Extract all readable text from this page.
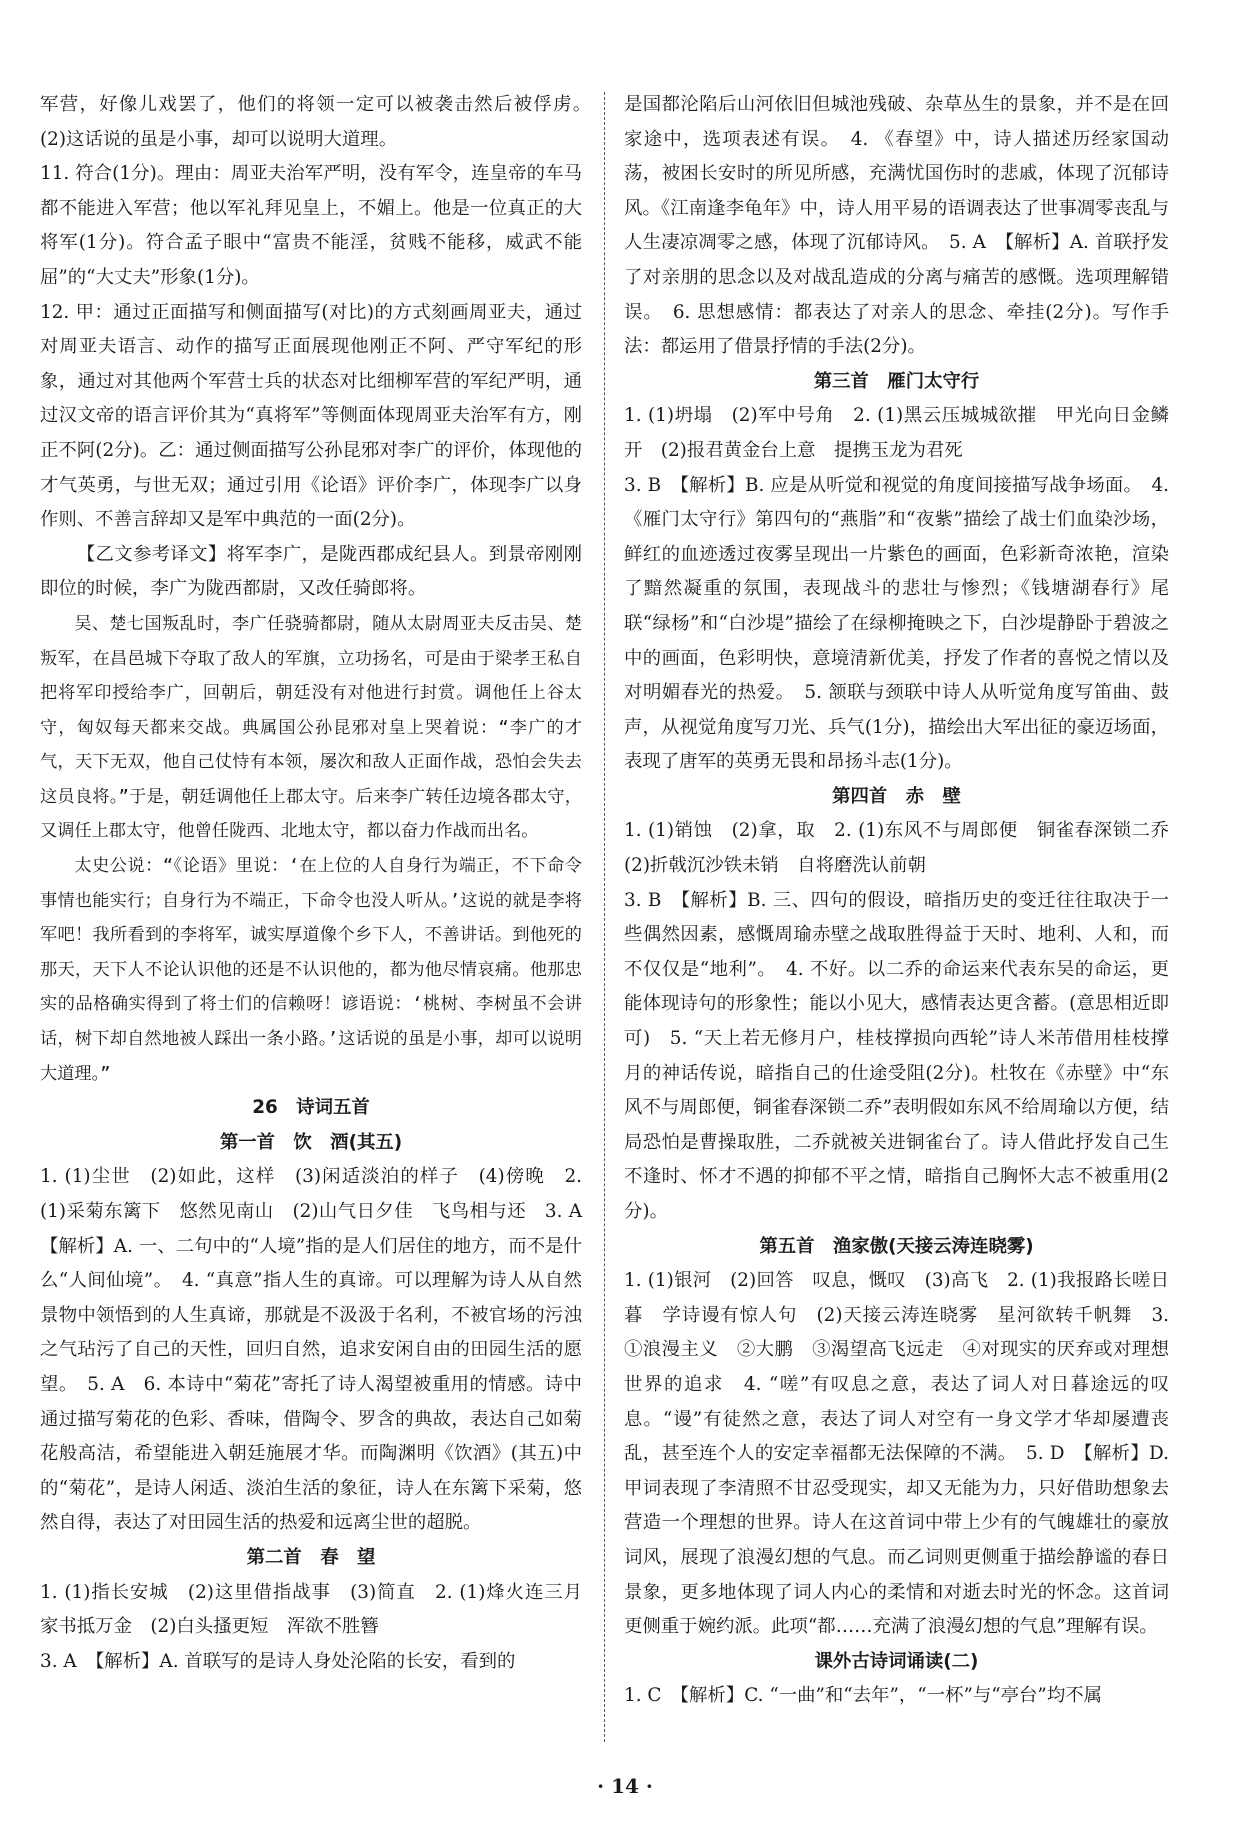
军营，好像儿戏罢了，他们的将领一定可以被袭击然后被俘虏。　(2)这话说的虽是小事，却可以说明大道理。

11. 符合(1分)。理由：周亚夫治军严明，没有军令，连皇帝的车马都不能进入军营；他以军礼拜见皇上，不媚上。他是一位真正的大将军(1分)。符合孟子眼中“富贵不能淫，贫贱不能移，威武不能屈”的“大丈夫”形象(1分)。

12. 甲：通过正面描写和侧面描写(对比)的方式刻画周亚夫，通过对周亚夫语言、动作的描写正面展现他刚正不阿、严守军纪的形象，通过对其他两个军营士兵的状态对比细柳军营的军纪严明，通过汉文帝的语言评价其为“真将军”等侧面体现周亚夫治军有方，刚正不阿(2分)。乙：通过侧面描写公孙昆邪对李广的评价，体现他的才气英勇，与世无双；通过引用《论语》评价李广，体现李广以身作则、不善言辞却又是军中典范的一面(2分)。

【乙文参考译文】将军李广，是陇西郡成纪县人。到景帝刚刚即位的时候，李广为陇西都尉，又改任骑郎将。

吴、楚七国叛乱时，李广任骁骑都尉，随从太尉周亚夫反击吴、楚叛军，在昌邑城下夺取了敌人的军旗，立功扬名，可是由于梁孝王私自把将军印授给李广，回朝后，朝廷没有对他进行封赏。调他任上谷太守，匈奴每天都来交战。典属国公孙昆邪对皇上哭着说：“李广的才气，天下无双，他自己仗恃有本领，屡次和敌人正面作战，恐怕会失去这员良将。”于是，朝廷调他任上郡太守。后来李广转任边境各郡太守，又调任上郡太守，他曾任陇西、北地太守，都以奋力作战而出名。

太史公说：“《论语》里说：‘在上位的人自身行为端正，不下命令事情也能实行；自身行为不端正，下命令也没人听从。’这说的就是李将军吧！我所看到的李将军，诚实厚道像个乡下人，不善讲话。到他死的那天，天下人不论认识他的还是不认识他的，都为他尽情哀痛。他那忠实的品格确实得到了将士们的信赖呀！谚语说：‘桃树、李树虽不会讲话，树下却自然地被人踩出一条小路。’这话说的虽是小事，却可以说明大道理。”

26　诗词五首

第一首　饮　酒(其五)

1. (1)尘世　(2)如此，这样　(3)闲适淡泊的样子　(4)傍晚　2. (1)采菊东篱下　悠然见南山　(2)山气日夕佳　飞鸟相与还　3. A　【解析】A. 一、二句中的“人境”指的是人们居住的地方，而不是什么“人间仙境”。　4. “真意”指人生的真谛。可以理解为诗人从自然景物中领悟到的人生真谛，那就是不汲汲于名利，不被官场的污浊之气玷污了自己的天性，回归自然，追求安闲自由的田园生活的愿望。　5. A　6. 本诗中“菊花”寄托了诗人渴望被重用的情感。诗中通过描写菊花的色彩、香味，借陶令、罗含的典故，表达自己如菊花般高洁，希望能进入朝廷施展才华。而陶渊明《饮酒》(其五)中的“菊花”，是诗人闲适、淡泊生活的象征，诗人在东篱下采菊，悠然自得，表达了对田园生活的热爱和远离尘世的超脱。

第二首　春　望

1. (1)指长安城　(2)这里借指战事　(3)简直　2. (1)烽火连三月　家书抵万金　(2)白头搔更短　浑欲不胜簪

3. A　【解析】A. 首联写的是诗人身处沦陷的长安，看到的

是国都沦陷后山河依旧但城池残破、杂草丛生的景象，并不是在回家途中，选项表述有误。　4. 《春望》中，诗人描述历经家国动荡，被困长安时的所见所感，充满忧国伤时的悲戚，体现了沉郁诗风。《江南逢李龟年》中，诗人用平易的语调表达了世事凋零丧乱与人生凄凉凋零之感，体现了沉郁诗风。　5. A　【解析】A. 首联抒发了对亲朋的思念以及对战乱造成的分离与痛苦的感慨。选项理解错误。　6. 思想感情：都表达了对亲人的思念、牵挂(2分)。写作手法：都运用了借景抒情的手法(2分)。

第三首　雁门太守行

1. (1)坍塌　(2)军中号角　2. (1)黑云压城城欲摧　甲光向日金鳞开　(2)报君黄金台上意　提携玉龙为君死

3. B　【解析】B. 应是从听觉和视觉的角度间接描写战争场面。　4. 《雁门太守行》第四句的“燕脂”和“夜紫”描绘了战士们血染沙场，鲜红的血迹透过夜雾呈现出一片紫色的画面，色彩新奇浓艳，渲染了黯然凝重的氛围，表现战斗的悲壮与惨烈；《钱塘湖春行》尾联“绿杨”和“白沙堤”描绘了在绿柳掩映之下，白沙堤静卧于碧波之中的画面，色彩明快，意境清新优美，抒发了作者的喜悦之情以及对明媚春光的热爱。　5. 颔联与颈联中诗人从听觉角度写笛曲、鼓声，从视觉角度写刀光、兵气(1分)，描绘出大军出征的豪迈场面，表现了唐军的英勇无畏和昂扬斗志(1分)。

第四首　赤　壁

1. (1)销蚀　(2)拿，取　2. (1)东风不与周郎便　铜雀春深锁二乔　(2)折戟沉沙铁未销　自将磨洗认前朝

3. B　【解析】B. 三、四句的假设，暗指历史的变迁往往取决于一些偶然因素，感慨周瑜赤壁之战取胜得益于天时、地利、人和，而不仅仅是“地利”。　4. 不好。以二乔的命运来代表东吴的命运，更能体现诗句的形象性；能以小见大，感情表达更含蓄。(意思相近即可)　5. “天上若无修月户，桂枝撑损向西轮”诗人米芾借用桂枝撑月的神话传说，暗指自己的仕途受阻(2分)。杜牧在《赤壁》中“东风不与周郎便，铜雀春深锁二乔”表明假如东风不给周瑜以方便，结局恐怕是曹操取胜，二乔就被关进铜雀台了。诗人借此抒发自己生不逢时、怀才不遇的抑郁不平之情，暗指自己胸怀大志不被重用(2分)。

第五首　渔家傲(天接云涛连晓雾)

1. (1)银河　(2)回答　叹息，慨叹　(3)高飞　2. (1)我报路长嗟日暮　学诗谩有惊人句　(2)天接云涛连晓雾　星河欲转千帆舞　3. ①浪漫主义　②大鹏　③渴望高飞远走　④对现实的厌弃或对理想世界的追求　4. “嗟”有叹息之意，表达了词人对日暮途远的叹息。“谩”有徒然之意，表达了词人对空有一身文学才华却屡遭丧乱，甚至连个人的安定幸福都无法保障的不满。　5. D　【解析】D. 甲词表现了李清照不甘忍受现实，却又无能为力，只好借助想象去营造一个理想的世界。诗人在这首词中带上少有的气魄雄壮的豪放词风，展现了浪漫幻想的气息。而乙词则更侧重于描绘静谧的春日景象，更多地体现了词人内心的柔情和对逝去时光的怀念。这首词更侧重于婉约派。此项“都……充满了浪漫幻想的气息”理解有误。

课外古诗词诵读(二)

1. C　【解析】C. “一曲”和“去年”，“一杯”与“亭台”均不属

· 14 ·
